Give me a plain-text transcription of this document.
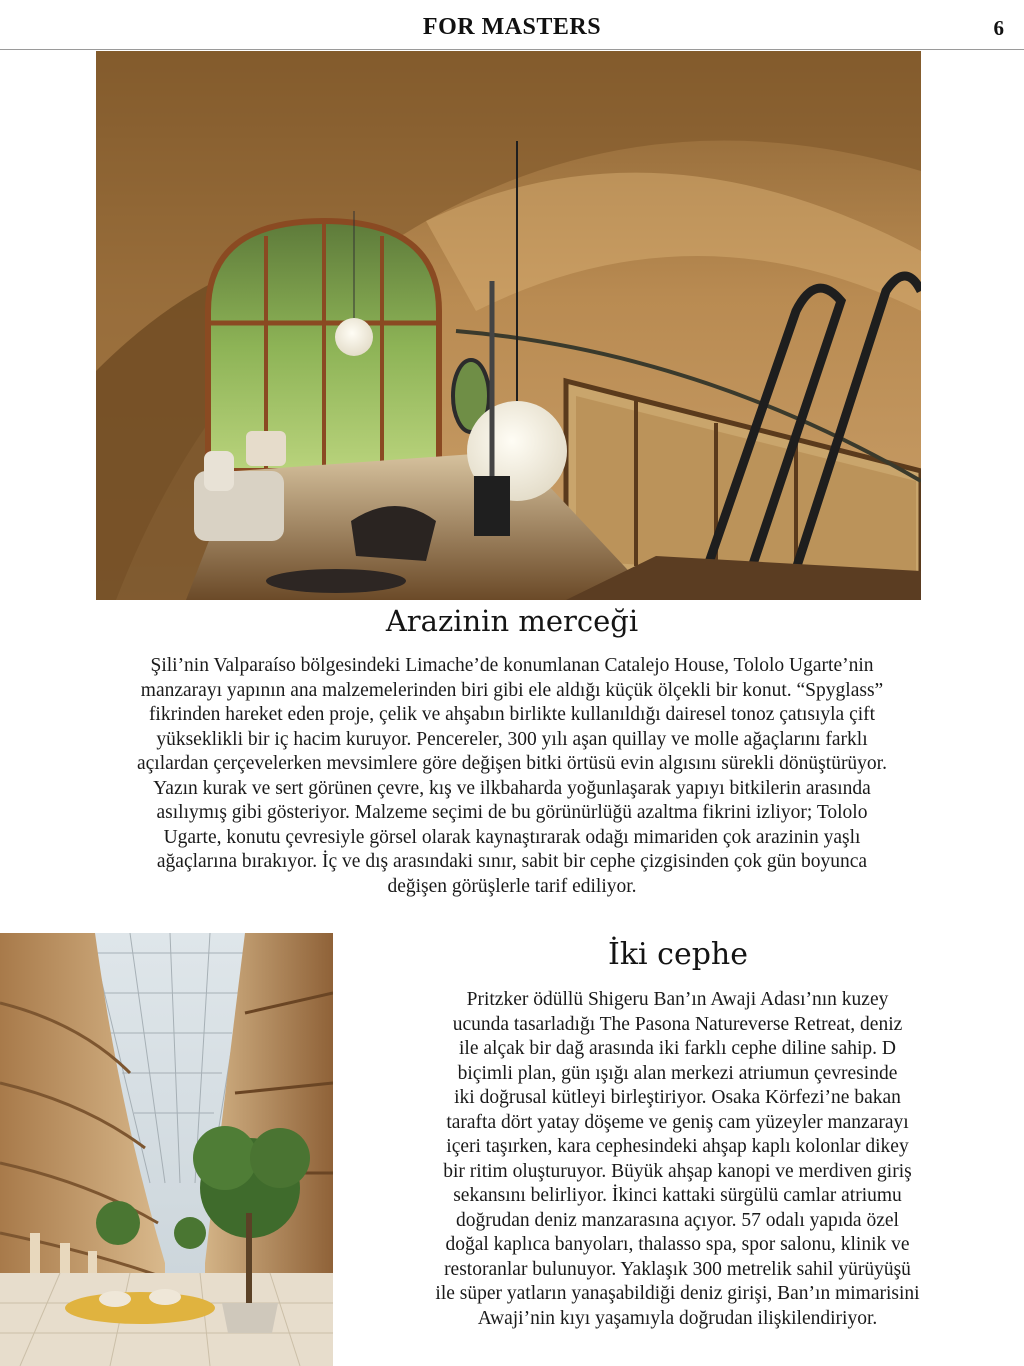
FOR MASTERS	6
Arazinin merceği
Şili’nin Valparaíso bölgesindeki Limache’de konumlanan Catalejo House, Tololo Ugarte’nin
manzarayı yapının ana malzemelerinden biri gibi ele aldığı küçük ölçekli bir konut. “Spyglass”
fikrinden hareket eden proje, çelik ve ahşabın birlikte kullanıldığı dairesel tonoz çatısıyla çift
yükseklikli bir iç hacim kuruyor. Pencereler, 300 yılı aşan quillay ve molle ağaçlarını farklı
açılardan çerçevelerken mevsimlere göre değişen bitki örtüsü evin algısını sürekli dönüştürüyor.
Yazın kurak ve sert görünen çevre, kış ve ilkbaharda yoğunlaşarak yapıyı bitkilerin arasında
asılıymış gibi gösteriyor. Malzeme seçimi de bu görünürlüğü azaltma fikrini izliyor; Tololo
Ugarte, konutu çevresiyle görsel olarak kaynaştırarak odağı mimariden çok arazinin yaşlı
ağaçlarına bırakıyor. İç ve dış arasındaki sınır, sabit bir cephe çizgisinden çok gün boyunca
değişen görüşlerle tarif ediliyor.
İki cephe
Pritzker ödüllü Shigeru Ban’ın Awaji Adası’nın kuzey
ucunda tasarladığı The Pasona Natureverse Retreat, deniz
ile alçak bir dağ arasında iki farklı cephe diline sahip. D
biçimli plan, gün ışığı alan merkezi atriumun çevresinde
iki doğrusal kütleyi birleştiriyor. Osaka Körfezi’ne bakan
tarafta dört yatay döşeme ve geniş cam yüzeyler manzarayı
içeri taşırken, kara cephesindeki ahşap kaplı kolonlar dikey
bir ritim oluşturuyor. Büyük ahşap kanopi ve merdiven giriş
sekansını belirliyor. İkinci kattaki sürgülü camlar atriumu
doğrudan deniz manzarasına açıyor. 57 odalı yapıda özel
doğal kaplıca banyoları, thalasso spa, spor salonu, klinik ve
restoranlar bulunuyor. Yaklaşık 300 metrelik sahil yürüyüşü
ile süper yatların yanaşabildiği deniz girişi, Ban’ın mimarisini
Awaji’nin kıyı yaşamıyla doğrudan ilişkilendiriyor.
